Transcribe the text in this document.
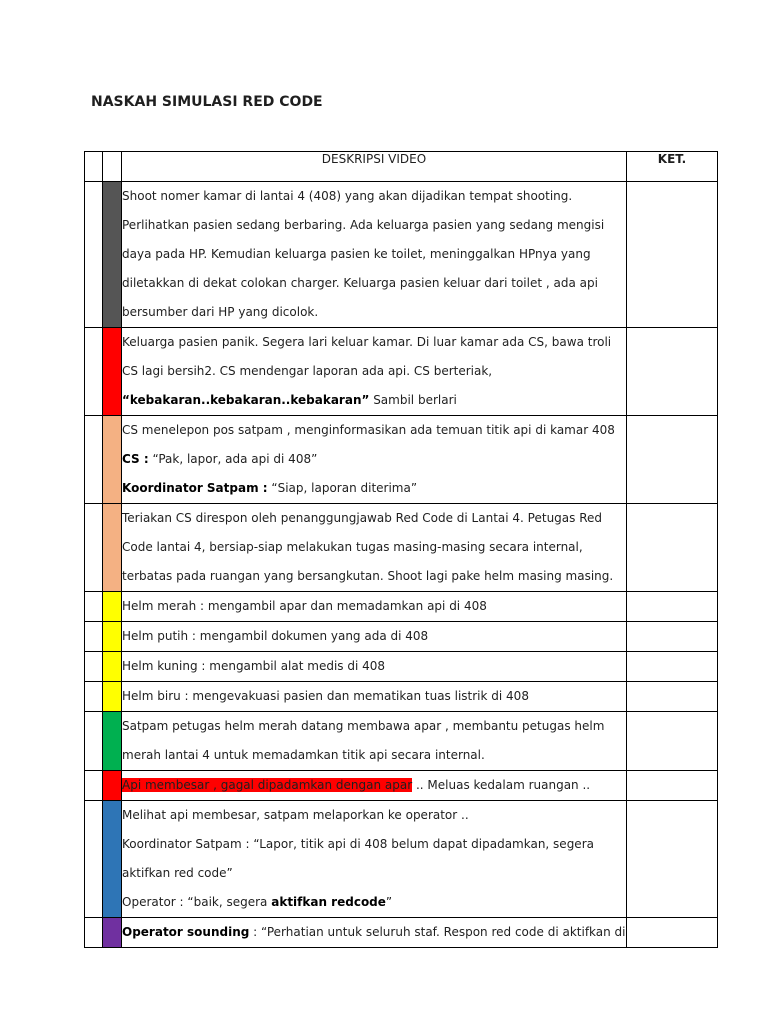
NASKAH SIMULASI RED CODE
		DESKRIPSI VIDEO	KET.

		Shoot nomer kamar di lantai 4 (408) yang akan dijadikan tempat shooting.
Perlihatkan pasien sedang berbaring. Ada keluarga pasien yang sedang mengisi
daya pada HP. Kemudian keluarga pasien ke toilet, meninggalkan HPnya yang
diletakkan di dekat colokan charger. Keluarga pasien keluar dari toilet , ada api
bersumber dari HP yang dicolok.	

		Keluarga pasien panik. Segera lari keluar kamar. Di luar kamar ada CS, bawa troli
CS lagi bersih2. CS mendengar laporan ada api. CS berteriak,
“kebakaran..kebakaran..kebakaran” Sambil berlari	

		CS menelepon pos satpam , menginformasikan ada temuan titik api di kamar 408
CS : “Pak, lapor, ada api di 408”
Koordinator Satpam : “Siap, laporan diterima”	

		Teriakan CS direspon oleh penanggungjawab Red Code di Lantai 4. Petugas Red
Code lantai 4, bersiap-siap melakukan tugas masing-masing secara internal,
terbatas pada ruangan yang bersangkutan. Shoot lagi pake helm masing masing.	

		Helm merah : mengambil apar dan memadamkan api di 408	

		Helm putih : mengambil dokumen yang ada di 408	

		Helm kuning : mengambil alat medis di 408	

		Helm biru : mengevakuasi pasien dan mematikan tuas listrik di 408	

		Satpam petugas helm merah datang membawa apar , membantu petugas helm
merah lantai 4 untuk memadamkan titik api secara internal.	

		Api membesar , gagal dipadamkan dengan apar .. Meluas kedalam ruangan ..	

		Melihat api membesar, satpam melaporkan ke operator ..
Koordinator Satpam : “Lapor, titik api di 408 belum dapat dipadamkan, segera
aktifkan red code”
Operator : “baik, segera aktifkan redcode”	

		Operator sounding : “Perhatian untuk seluruh staf. Respon red code di aktifkan di	
